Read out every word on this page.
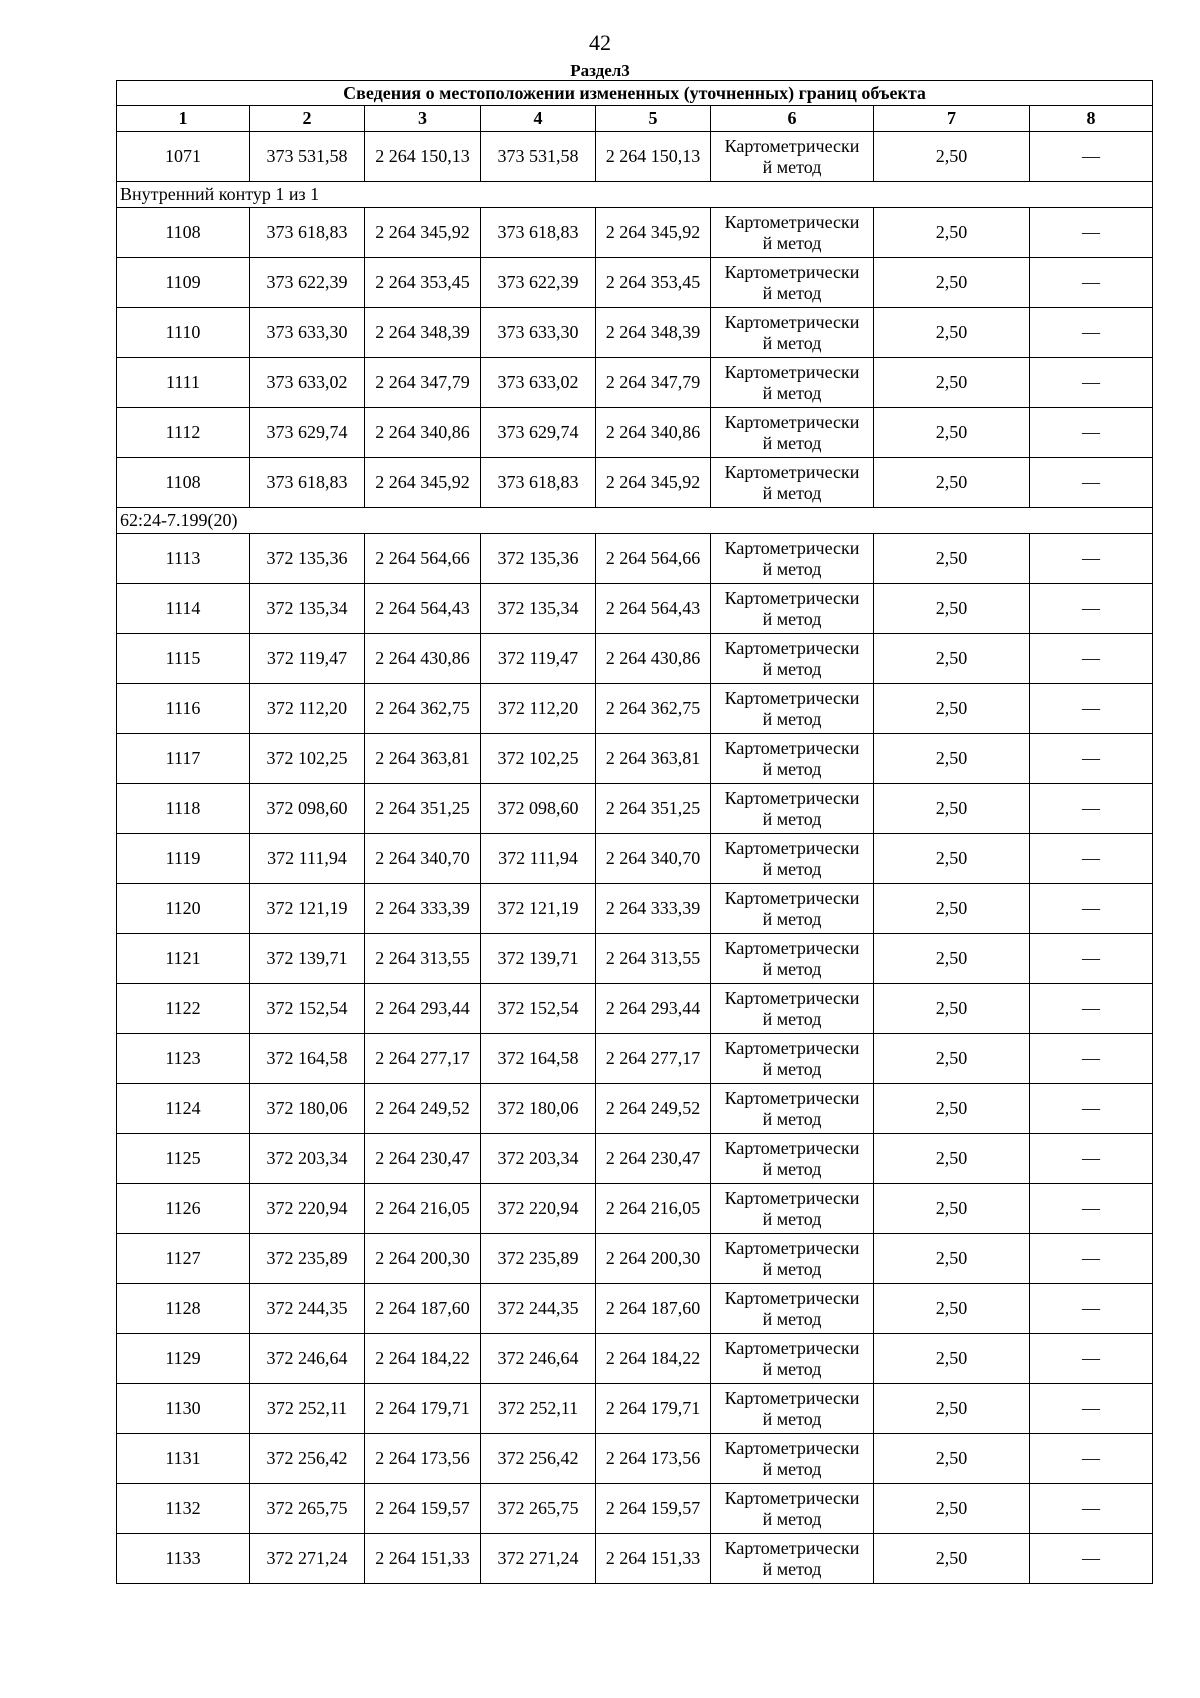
42
Раздел3
Сведения о местоположении измененных (уточненных) границ объекта							
1	2	3	4	5	6	7	8
1071	373 531,58	2 264 150,13	373 531,58	2 264 150,13	Картометрически
й метод	2,50	—
Внутренний контур 1 из 1							
1108	373 618,83	2 264 345,92	373 618,83	2 264 345,92	Картометрически
й метод	2,50	—
1109	373 622,39	2 264 353,45	373 622,39	2 264 353,45	Картометрически
й метод	2,50	—
1110	373 633,30	2 264 348,39	373 633,30	2 264 348,39	Картометрически
й метод	2,50	—
1111	373 633,02	2 264 347,79	373 633,02	2 264 347,79	Картометрически
й метод	2,50	—
1112	373 629,74	2 264 340,86	373 629,74	2 264 340,86	Картометрически
й метод	2,50	—
1108	373 618,83	2 264 345,92	373 618,83	2 264 345,92	Картометрически
й метод	2,50	—
62:24-7.199(20)							
1113	372 135,36	2 264 564,66	372 135,36	2 264 564,66	Картометрически
й метод	2,50	—
1114	372 135,34	2 264 564,43	372 135,34	2 264 564,43	Картометрически
й метод	2,50	—
1115	372 119,47	2 264 430,86	372 119,47	2 264 430,86	Картометрически
й метод	2,50	—
1116	372 112,20	2 264 362,75	372 112,20	2 264 362,75	Картометрически
й метод	2,50	—
1117	372 102,25	2 264 363,81	372 102,25	2 264 363,81	Картометрически
й метод	2,50	—
1118	372 098,60	2 264 351,25	372 098,60	2 264 351,25	Картометрически
й метод	2,50	—
1119	372 111,94	2 264 340,70	372 111,94	2 264 340,70	Картометрически
й метод	2,50	—
1120	372 121,19	2 264 333,39	372 121,19	2 264 333,39	Картометрически
й метод	2,50	—
1121	372 139,71	2 264 313,55	372 139,71	2 264 313,55	Картометрически
й метод	2,50	—
1122	372 152,54	2 264 293,44	372 152,54	2 264 293,44	Картометрически
й метод	2,50	—
1123	372 164,58	2 264 277,17	372 164,58	2 264 277,17	Картометрически
й метод	2,50	—
1124	372 180,06	2 264 249,52	372 180,06	2 264 249,52	Картометрически
й метод	2,50	—
1125	372 203,34	2 264 230,47	372 203,34	2 264 230,47	Картометрически
й метод	2,50	—
1126	372 220,94	2 264 216,05	372 220,94	2 264 216,05	Картометрически
й метод	2,50	—
1127	372 235,89	2 264 200,30	372 235,89	2 264 200,30	Картометрически
й метод	2,50	—
1128	372 244,35	2 264 187,60	372 244,35	2 264 187,60	Картометрически
й метод	2,50	—
1129	372 246,64	2 264 184,22	372 246,64	2 264 184,22	Картометрически
й метод	2,50	—
1130	372 252,11	2 264 179,71	372 252,11	2 264 179,71	Картометрически
й метод	2,50	—
1131	372 256,42	2 264 173,56	372 256,42	2 264 173,56	Картометрически
й метод	2,50	—
1132	372 265,75	2 264 159,57	372 265,75	2 264 159,57	Картометрически
й метод	2,50	—
1133	372 271,24	2 264 151,33	372 271,24	2 264 151,33	Картометрически
й метод	2,50	—
